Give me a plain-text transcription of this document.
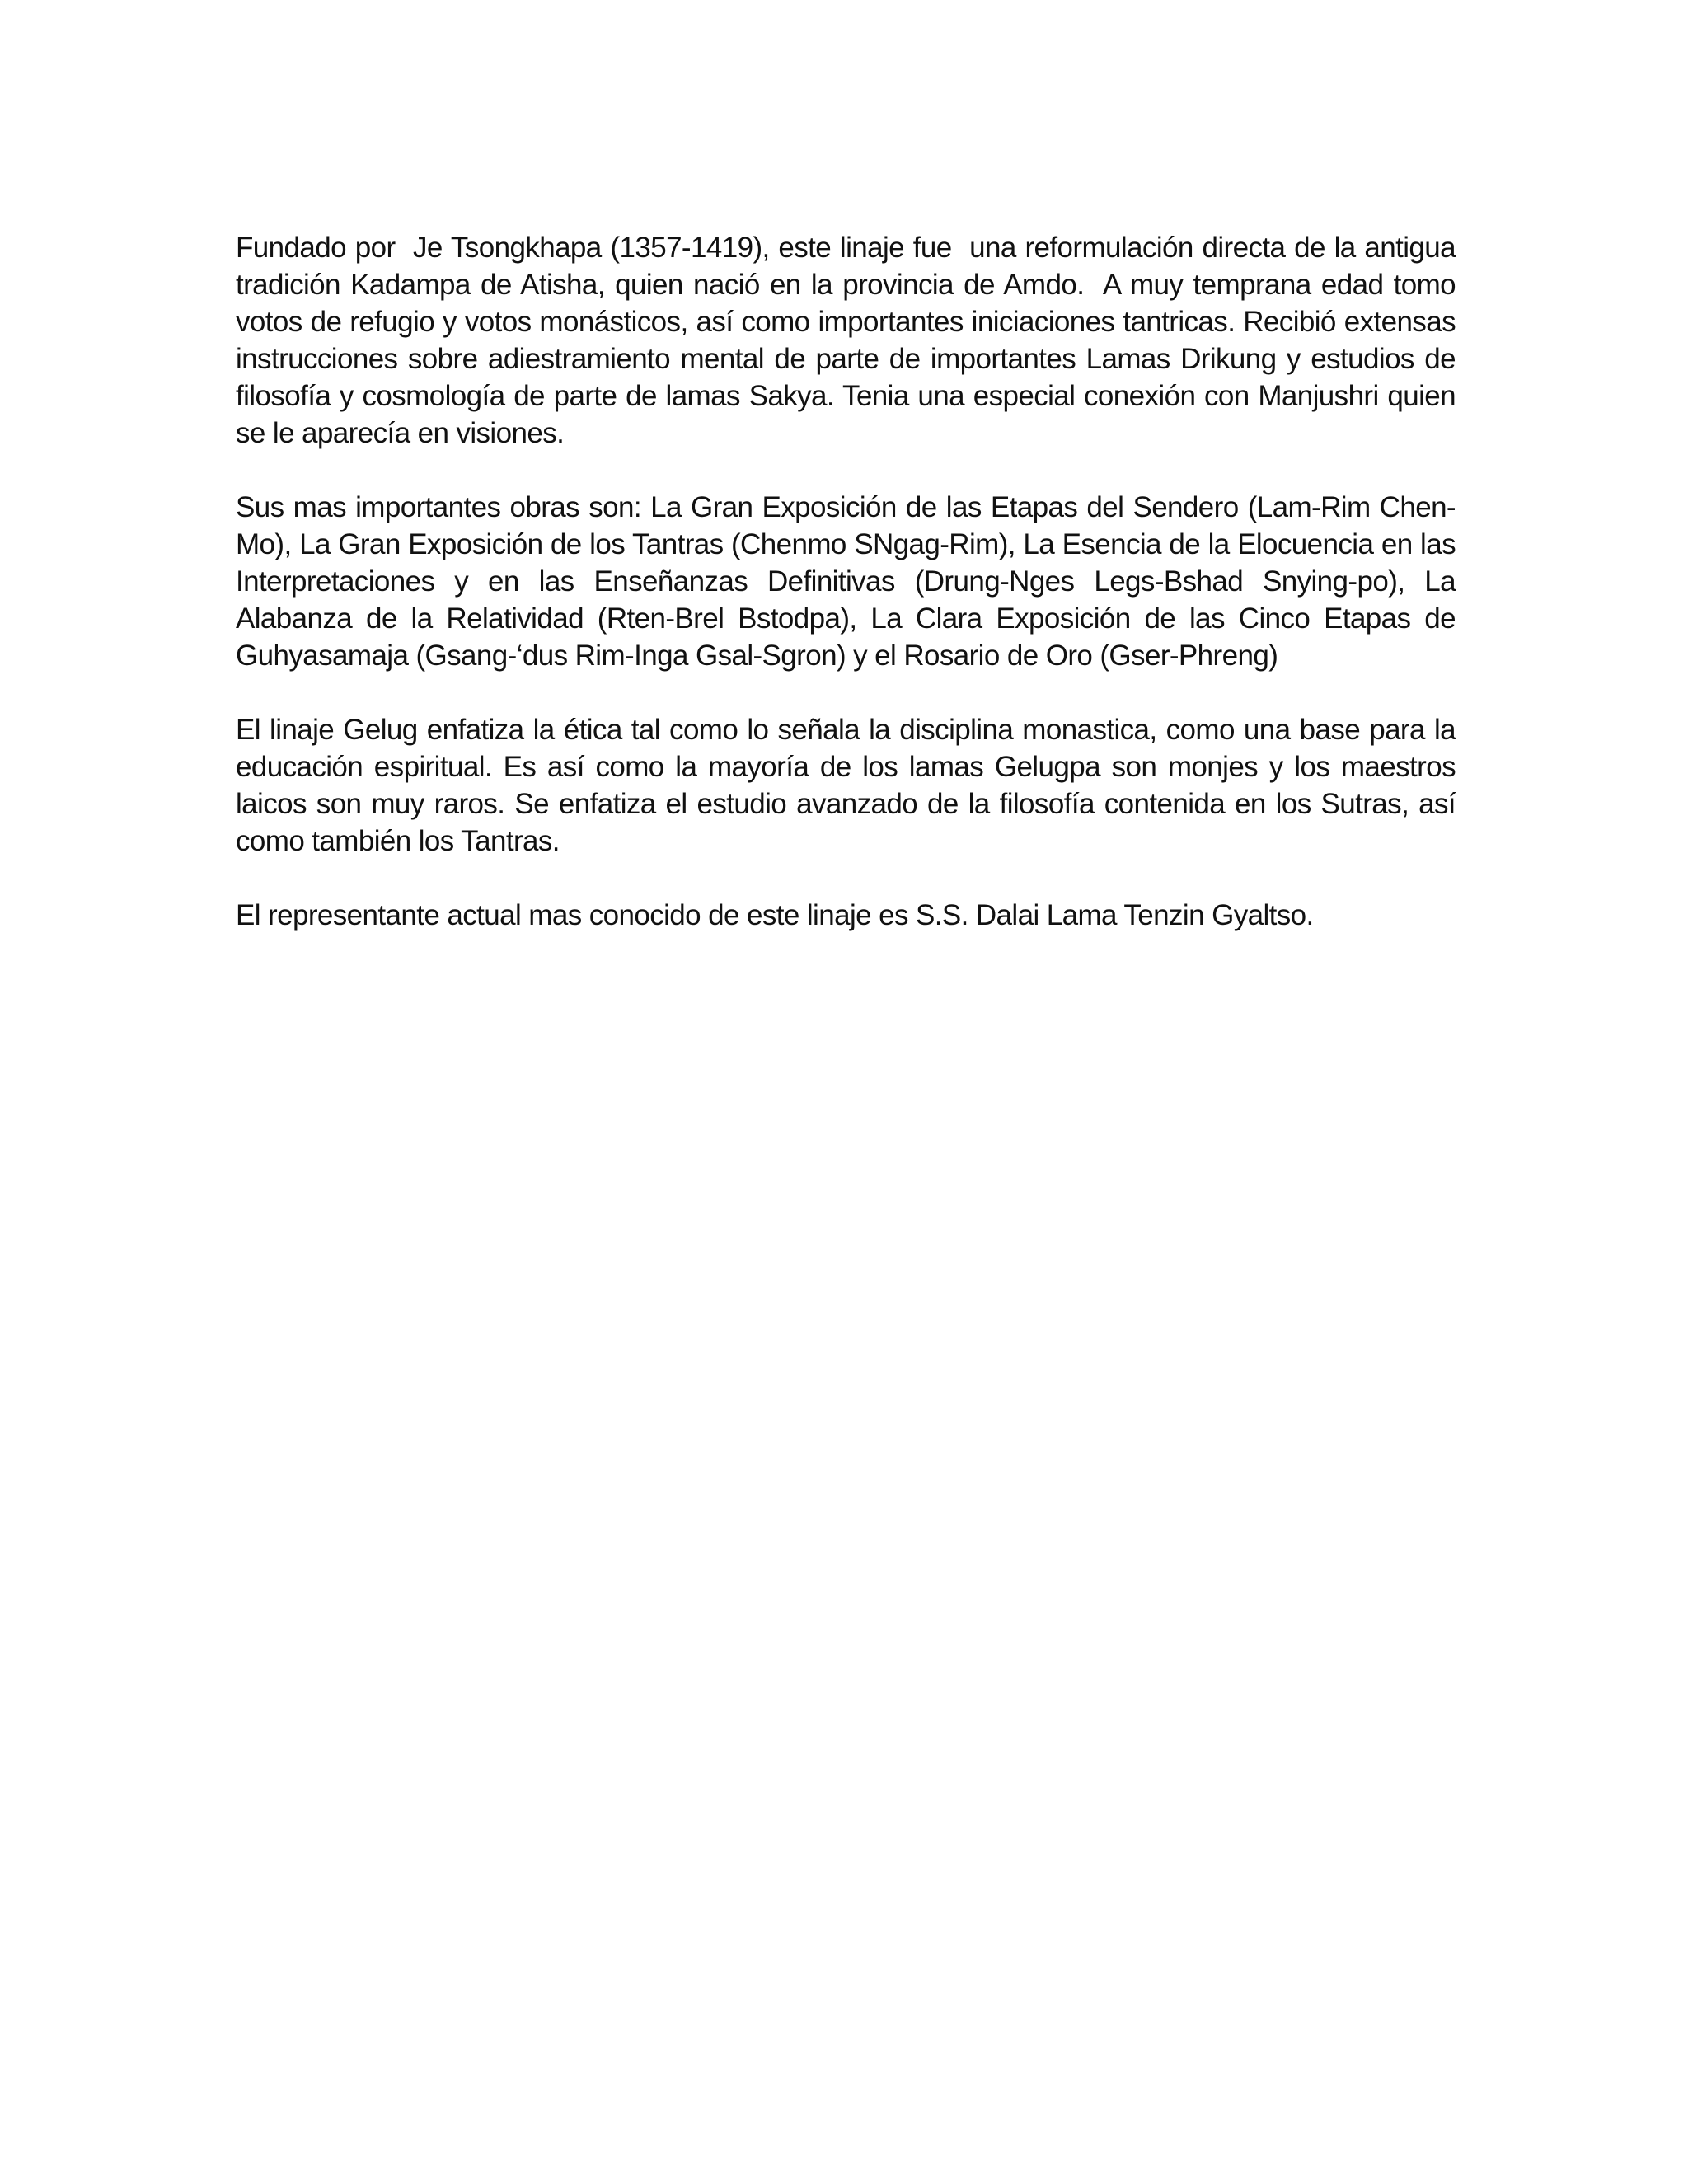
Fundado por  Je Tsongkhapa (1357-1419), este linaje fue  una reformulación directa de la antigua tradición Kadampa de Atisha, quien nació en la provincia de Amdo.  A muy temprana edad tomo votos de refugio y votos monásticos, así como importantes iniciaciones tantricas. Recibió extensas instrucciones sobre adiestramiento mental de parte de importantes Lamas Drikung y estudios de filosofía y cosmología de parte de lamas Sakya. Tenia una especial conexión con Manjushri quien se le aparecía en visiones.

Sus mas importantes obras son: La Gran Exposición de las Etapas del Sendero (Lam-Rim Chen-Mo), La Gran Exposición de los Tantras (Chenmo SNgag-Rim), La Esencia de la Elocuencia en las Interpretaciones y en las Enseñanzas Definitivas (Drung-Nges Legs-Bshad Snying-po), La Alabanza de la Relatividad (Rten-Brel Bstodpa), La Clara Exposición de las Cinco Etapas de Guhyasamaja (Gsang-‘dus Rim-Inga Gsal-Sgron) y el Rosario de Oro (Gser-Phreng)

El linaje Gelug enfatiza la ética tal como lo señala la disciplina monastica, como una base para la educación espiritual. Es así como la mayoría de los lamas Gelugpa son monjes y los maestros laicos son muy raros. Se enfatiza el estudio avanzado de la filosofía contenida en los Sutras, así como también los Tantras.

El representante actual mas conocido de este linaje es S.S. Dalai Lama Tenzin Gyaltso.
